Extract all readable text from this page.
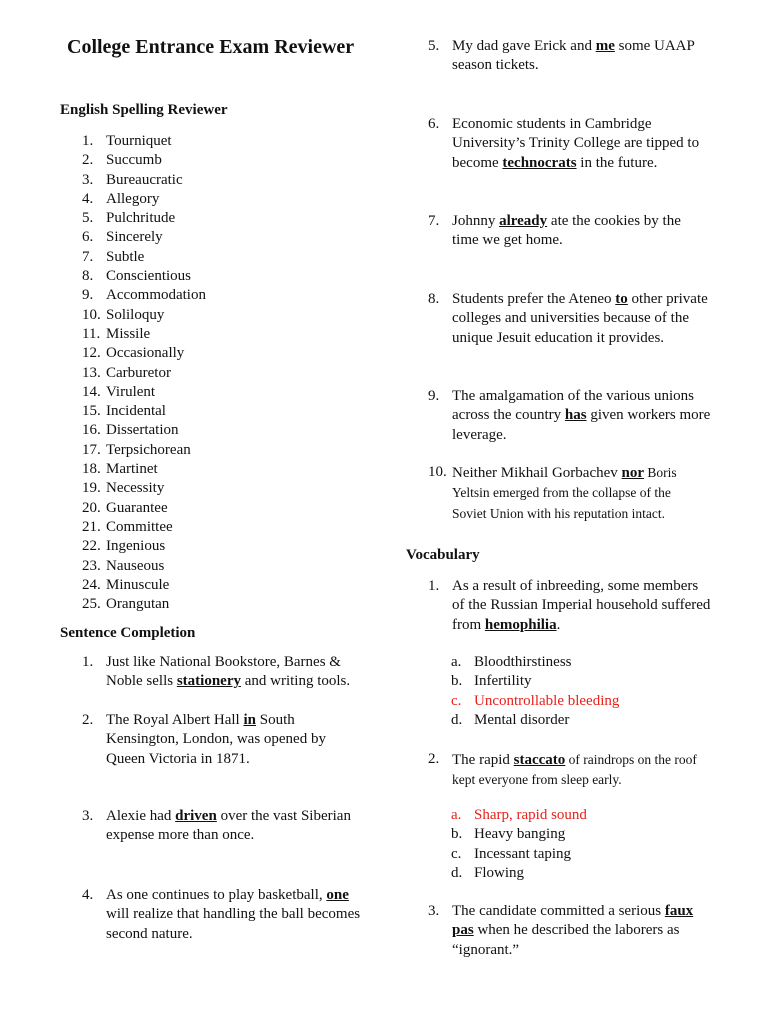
College Entrance Exam Reviewer
English Spelling Reviewer
1. Tourniquet
2. Succumb
3. Bureaucratic
4. Allegory
5. Pulchritude
6. Sincerely
7. Subtle
8. Conscientious
9. Accommodation
10. Soliloquy
11. Missile
12. Occasionally
13. Carburetor
14. Virulent
15. Incidental
16. Dissertation
17. Terpsichorean
18. Martinet
19. Necessity
20. Guarantee
21. Committee
22. Ingenious
23. Nauseous
24. Minuscule
25. Orangutan
Sentence Completion
1. Just like National Bookstore, Barnes & Noble sells stationery and writing tools.
2. The Royal Albert Hall in South Kensington, London, was opened by Queen Victoria in 1871.
3. Alexie had driven over the vast Siberian expense more than once.
4. As one continues to play basketball, one will realize that handling the ball becomes second nature.
5. My dad gave Erick and me some UAAP season tickets.
6. Economic students in Cambridge University’s Trinity College are tipped to become technocrats in the future.
7. Johnny already ate the cookies by the time we get home.
8. Students prefer the Ateneo to other private colleges and universities because of the unique Jesuit education it provides.
9. The amalgamation of the various unions across the country has given workers more leverage.
10. Neither Mikhail Gorbachev nor Boris Yeltsin emerged from the collapse of the Soviet Union with his reputation intact.
Vocabulary
1. As a result of inbreeding, some members of the Russian Imperial household suffered from hemophilia.
a. Bloodthirstiness
b. Infertility
c. Uncontrollable bleeding
d. Mental disorder
2. The rapid staccato of raindrops on the roof kept everyone from sleep early.
a. Sharp, rapid sound
b. Heavy banging
c. Incessant taping
d. Flowing
3. The candidate committed a serious faux pas when he described the laborers as “ignorant.”
